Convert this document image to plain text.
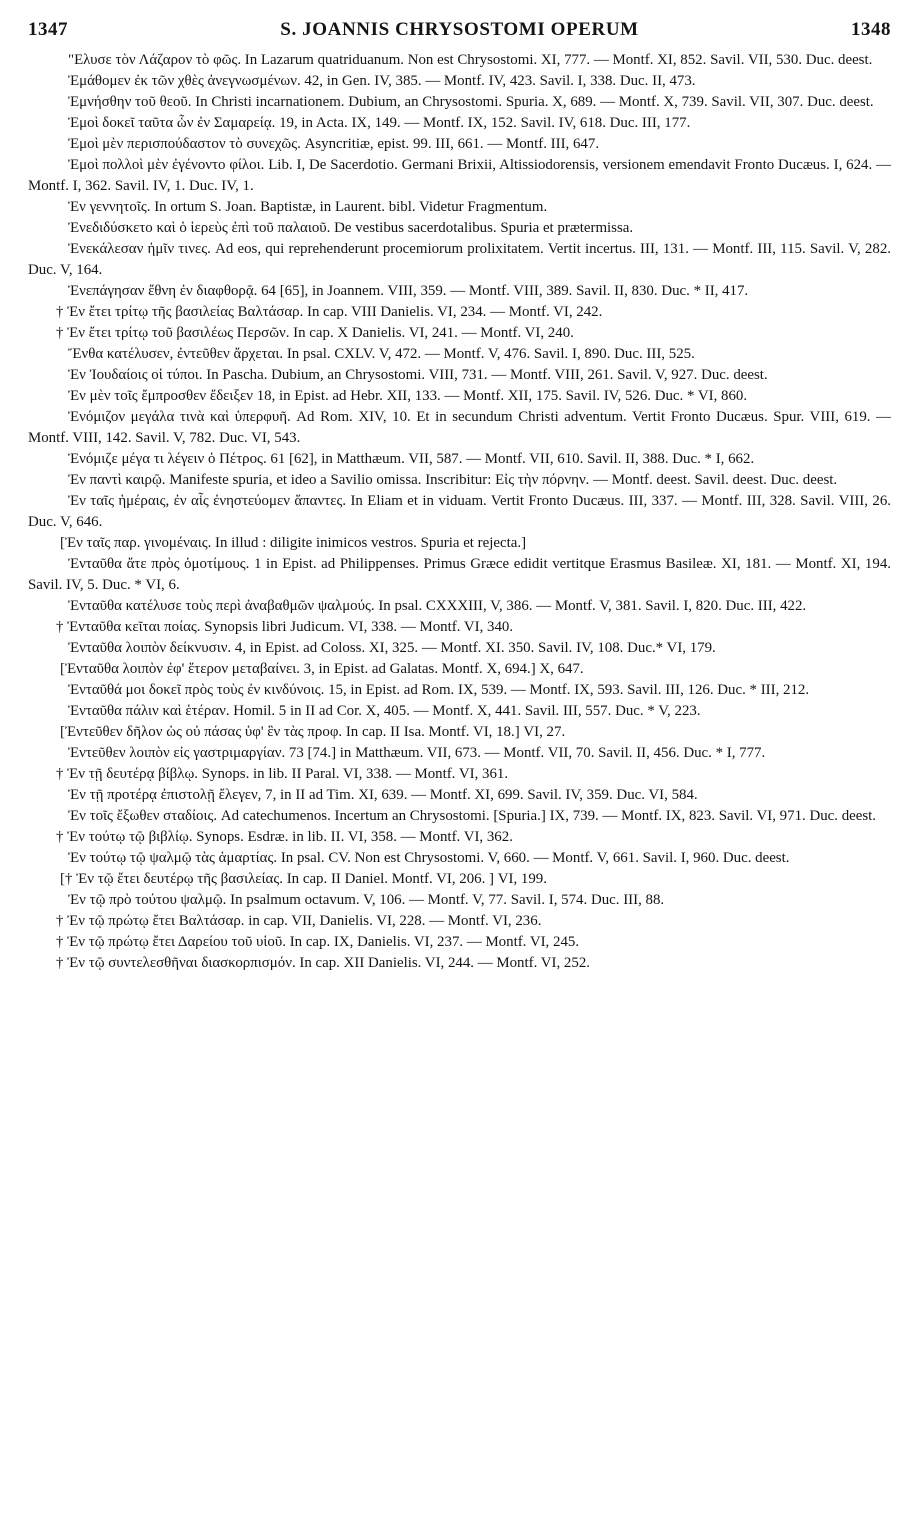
1347	S. JOANNIS CHRYSOSTOMI OPERUM	1348

"Ελυσε τὸν Λάζαρον τὸ φῶς. In Lazarum quatriduanum. Non est Chrysostomi. XI, 777. — Montf. XI, 852. Savil. VII, 530. Duc. deest.

Ἐμάθομεν ἐκ τῶν χθὲς ἀνεγνωσμένων. 42, in Gen. IV, 385. — Montf. IV, 423. Savil. I, 338. Duc. II, 473.

Ἐμνήσθην τοῦ θεοῦ. In Christi incarnationem. Dubium, an Chrysostomi. Spuria. X, 689. — Montf. X, 739. Savil. VII, 307. Duc. deest.

Ἐμοὶ δοκεῖ ταῦτα ὧν ἐν Σαμαρείᾳ. 19, in Acta. IX, 149. — Montf. IX, 152. Savil. IV, 618. Duc. III, 177.

Ἐμοὶ μὲν περισπούδαστον τὸ συνεχῶς. Asyncritiæ, epist. 99. III, 661. — Montf. III, 647.

Ἐμοὶ πολλοὶ μὲν ἐγένοντο φίλοι. Lib. I, De Sacerdotio. Germani Brixii, Altissiodorensis, versionem emendavit Fronto Ducæus. I, 624. — Montf. I, 362. Savil. IV, 1. Duc. IV, 1.

Ἐν γεννητοῖς. In ortum S. Joan. Baptistæ, in Laurent. bibl. Videtur Fragmentum.

Ἐνεδιδύσκετο καὶ ὁ ἱερεὺς ἐπὶ τοῦ παλαιοῦ. De vestibus sacerdotalibus. Spuria et prætermissa.

Ἐνεκάλεσαν ἡμῖν τινες. Ad eos, qui reprehenderunt procemiorum prolixitatem. Vertit incertus. III, 131. — Montf. III, 115. Savil. V, 282. Duc. V, 164.

Ἐνεπάγησαν ἔθνη ἐν διαφθορᾷ. 64 [65], in Joannem. VIII, 359. — Montf. VIII, 389. Savil. II, 830. Duc. * II, 417.

† Ἐν ἔτει τρίτῳ τῆς βασιλείας Βαλτάσαρ. In cap. VIII Danielis. VI, 234. — Montf. VI, 242.

† Ἐν ἔτει τρίτῳ τοῦ βασιλέως Περσῶν. In cap. X Danielis. VI, 241. — Montf. VI, 240.

Ἔνθα κατέλυσεν, ἐντεῦθεν ἄρχεται. In psal. CXLV. V, 472. — Montf. V, 476. Savil. I, 890. Duc. III, 525.

Ἐν Ἰουδαίοις οἱ τύποι. In Pascha. Dubium, an Chrysostomi. VIII, 731. — Montf. VIII, 261. Savil. V, 927. Duc. deest.

Ἐν μὲν τοῖς ἔμπροσθεν ἔδειξεν 18, in Epist. ad Hebr. XII, 133. — Montf. XII, 175. Savil. IV, 526. Duc. * VI, 860.

Ἐνόμιζον μεγάλα τινὰ καὶ ὑπερφυῆ. Ad Rom. XIV, 10. Et in secundum Christi adventum. Vertit Fronto Ducæus. Spur. VIII, 619. — Montf. VIII, 142. Savil. V, 782. Duc. VI, 543.

Ἐνόμιζε μέγα τι λέγειν ὁ Πέτρος. 61 [62], in Matthæum. VII, 587. — Montf. VII, 610. Savil. II, 388. Duc. * I, 662.

Ἐν παντὶ καιρῷ. Manifeste spuria, et ideo a Savilio omissa. Inscribitur: Εἰς τὴν πόρνην. — Montf. deest. Savil. deest. Duc. deest.

Ἐν ταῖς ἡμέραις, ἐν αἷς ἐνηστεύομεν ἅπαντες. In Eliam et in viduam. Vertit Fronto Ducæus. III, 337. — Montf. III, 328. Savil. VIII, 26. Duc. V, 646.

[Ἐν ταῖς παρ. γινομέναις. In illud : diligite inimicos vestros. Spuria et rejecta.]

Ἐνταῦθα ἄτε πρὸς ὁμοτίμους. 1 in Epist. ad Philippenses. Primus Græce edidit vertitque Erasmus Basileæ. XI, 181. — Montf. XI, 194. Savil. IV, 5. Duc. * VI, 6.

Ἐνταῦθα κατέλυσε τοὺς περὶ ἀναβαθμῶν ψαλμούς. In psal. CXXXIII, V, 386. — Montf. V, 381. Savil. I, 820. Duc. III, 422.

† Ἐνταῦθα κεῖται ποίας. Synopsis libri Judicum. VI, 338. — Montf. VI, 340.

Ἐνταῦθα λοιπὸν δείκνυσιν. 4, in Epist. ad Coloss. XI, 325. — Montf. XI. 350. Savil. IV, 108. Duc.* VI, 179.

[Ἐνταῦθα λοιπὸν ἐφ' ἕτερον μεταβαίνει. 3, in Epist. ad Galatas. Montf. X, 694.] X, 647.

Ἐνταῦθά μοι δοκεῖ πρὸς τοὺς ἐν κινδύνοις. 15, in Epist. ad Rom. IX, 539. — Montf. IX, 593. Savil. III, 126. Duc. * III, 212.

Ἐνταῦθα πάλιν καὶ ἑτέραν. Homil. 5 in II ad Cor. X, 405. — Montf. X, 441. Savil. III, 557. Duc. * V, 223.

[Ἐντεῦθεν δῆλον ὡς οὐ πάσας ὑφ' ἓν τὰς προφ. In cap. II Isa. Montf. VI, 18.] VI, 27.

Ἐντεῦθεν λοιπὸν εἰς γαστριμαργίαν. 73 [74.] in Matthæum. VII, 673. — Montf. VII, 70. Savil. II, 456. Duc. * I, 777.

† Ἐν τῇ δευτέρᾳ βίβλῳ. Synops. in lib. II Paral. VI, 338. — Montf. VI, 361.

Ἐν τῇ προτέρᾳ ἐπιστολῇ ἔλεγεν, 7, in II ad Tim. XI, 639. — Montf. XI, 699. Savil. IV, 359. Duc. VI, 584.

Ἐν τοῖς ἔξωθεν σταδίοις. Ad catechumenos. Incertum an Chrysostomi. [Spuria.] IX, 739. — Montf. IX, 823. Savil. VI, 971. Duc. deest.

† Ἐν τούτῳ τῷ βιβλίῳ. Synops. Esdræ. in lib. II. VI, 358. — Montf. VI, 362.

Ἐν τούτῳ τῷ ψαλμῷ τὰς ἁμαρτίας. In psal. CV. Non est Chrysostomi. V, 660. — Montf. V, 661. Savil. I, 960. Duc. deest.

[† Ἐν τῷ ἔτει δευτέρῳ τῆς βασιλείας. In cap. II Daniel. Montf. VI, 206. ] VI, 199.

Ἐν τῷ πρὸ τούτου ψαλμῷ. In psalmum octavum. V, 106. — Montf. V, 77. Savil. I, 574. Duc. III, 88.

† Ἐν τῷ πρώτῳ ἔτει Βαλτάσαρ. in cap. VII, Danielis. VI, 228. — Montf. VI, 236.

† Ἐν τῷ πρώτῳ ἔτει Δαρείου τοῦ υἱοῦ. In cap. IX, Danielis. VI, 237. — Montf. VI, 245.

† Ἐν τῷ συντελεσθῆναι διασκορπισμόν. In cap. XII Danielis. VI, 244. — Montf. VI, 252.
